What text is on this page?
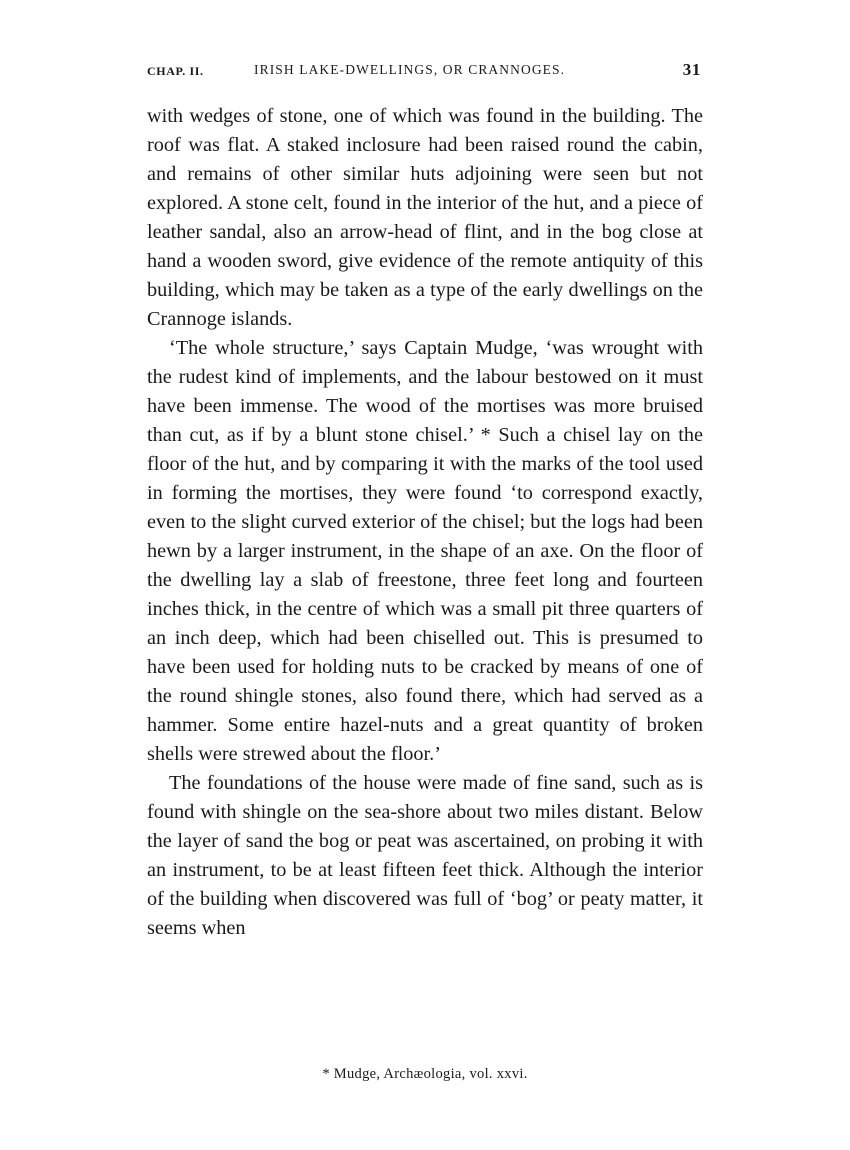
CHAP. II.	IRISH LAKE-DWELLINGS, OR CRANNOGES.	31

with wedges of stone, one of which was found in the building. The roof was flat. A staked inclosure had been raised round the cabin, and remains of other similar huts adjoining were seen but not explored. A stone celt, found in the interior of the hut, and a piece of leather sandal, also an arrow-head of flint, and in the bog close at hand a wooden sword, give evidence of the remote antiquity of this building, which may be taken as a type of the early dwellings on the Crannoge islands.

‘The whole structure,’ says Captain Mudge, ‘was wrought with the rudest kind of implements, and the labour bestowed on it must have been immense. The wood of the mortises was more bruised than cut, as if by a blunt stone chisel.’ * Such a chisel lay on the floor of the hut, and by comparing it with the marks of the tool used in forming the mortises, they were found ‘to correspond exactly, even to the slight curved exterior of the chisel; but the logs had been hewn by a larger instrument, in the shape of an axe. On the floor of the dwelling lay a slab of freestone, three feet long and fourteen inches thick, in the centre of which was a small pit three quarters of an inch deep, which had been chiselled out. This is presumed to have been used for holding nuts to be cracked by means of one of the round shingle stones, also found there, which had served as a hammer. Some entire hazel-nuts and a great quantity of broken shells were strewed about the floor.’

The foundations of the house were made of fine sand, such as is found with shingle on the sea-shore about two miles distant. Below the layer of sand the bog or peat was ascertained, on probing it with an instrument, to be at least fifteen feet thick. Although the interior of the building when discovered was full of ‘bog’ or peaty matter, it seems when

* Mudge, Archæologia, vol. xxvi.
